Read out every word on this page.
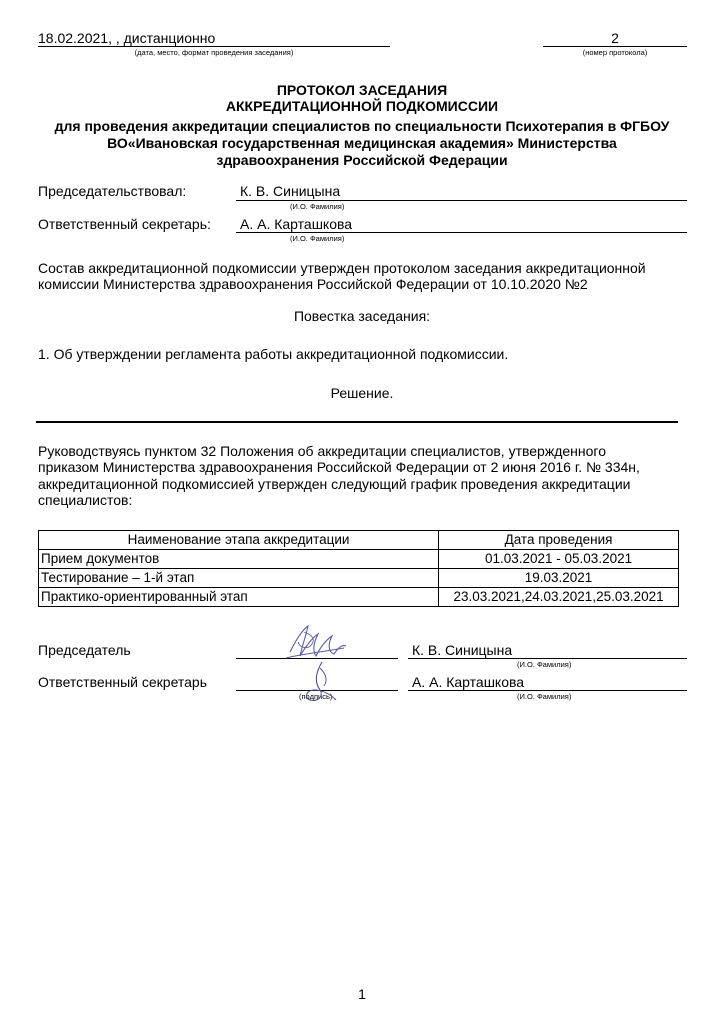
18.02.2021, , дистанционно
(дата, место, формат проведения заседания)
2
(номер протокола)
ПРОТОКОЛ ЗАСЕДАНИЯ
АККРЕДИТАЦИОННОЙ ПОДКОМИССИИ
для проведения аккредитации специалистов по специальности Психотерапия в ФГБОУ
ВО«Ивановская государственная медицинская академия» Министерства
здравоохранения Российской Федерации
Председательствовал:	К. В. Синицына
(И.О. Фамилия)
Ответственный секретарь: А. А. Карташкова
(И.О. Фамилия)
Состав аккредитационной подкомиссии утвержден протоколом заседания аккредитационной
комиссии Министерства здравоохранения Российской Федерации от 10.10.2020 №2
Повестка заседания:
1. Об утверждении регламента работы аккредитационной подкомиссии.
Решение.
Руководствуясь пунктом 32 Положения об аккредитации специалистов, утвержденного
приказом Министерства здравоохранения Российской Федерации от 2 июня 2016 г. № 334н,
аккредитационной подкомиссией утвержден следующий график проведения аккредитации
специалистов:
Наименование этапа аккредитации	Дата проведения
Прием документов	01.03.2021 - 05.03.2021
Тестирование – 1-й этап	19.03.2021
Практико-ориентированный этап	23.03.2021,24.03.2021,25.03.2021
Председатель	К. В. Синицына
(И.О. Фамилия)
Ответственный секретарь
(подпись)
А. А. Карташкова
(И.О. Фамилия)
1
